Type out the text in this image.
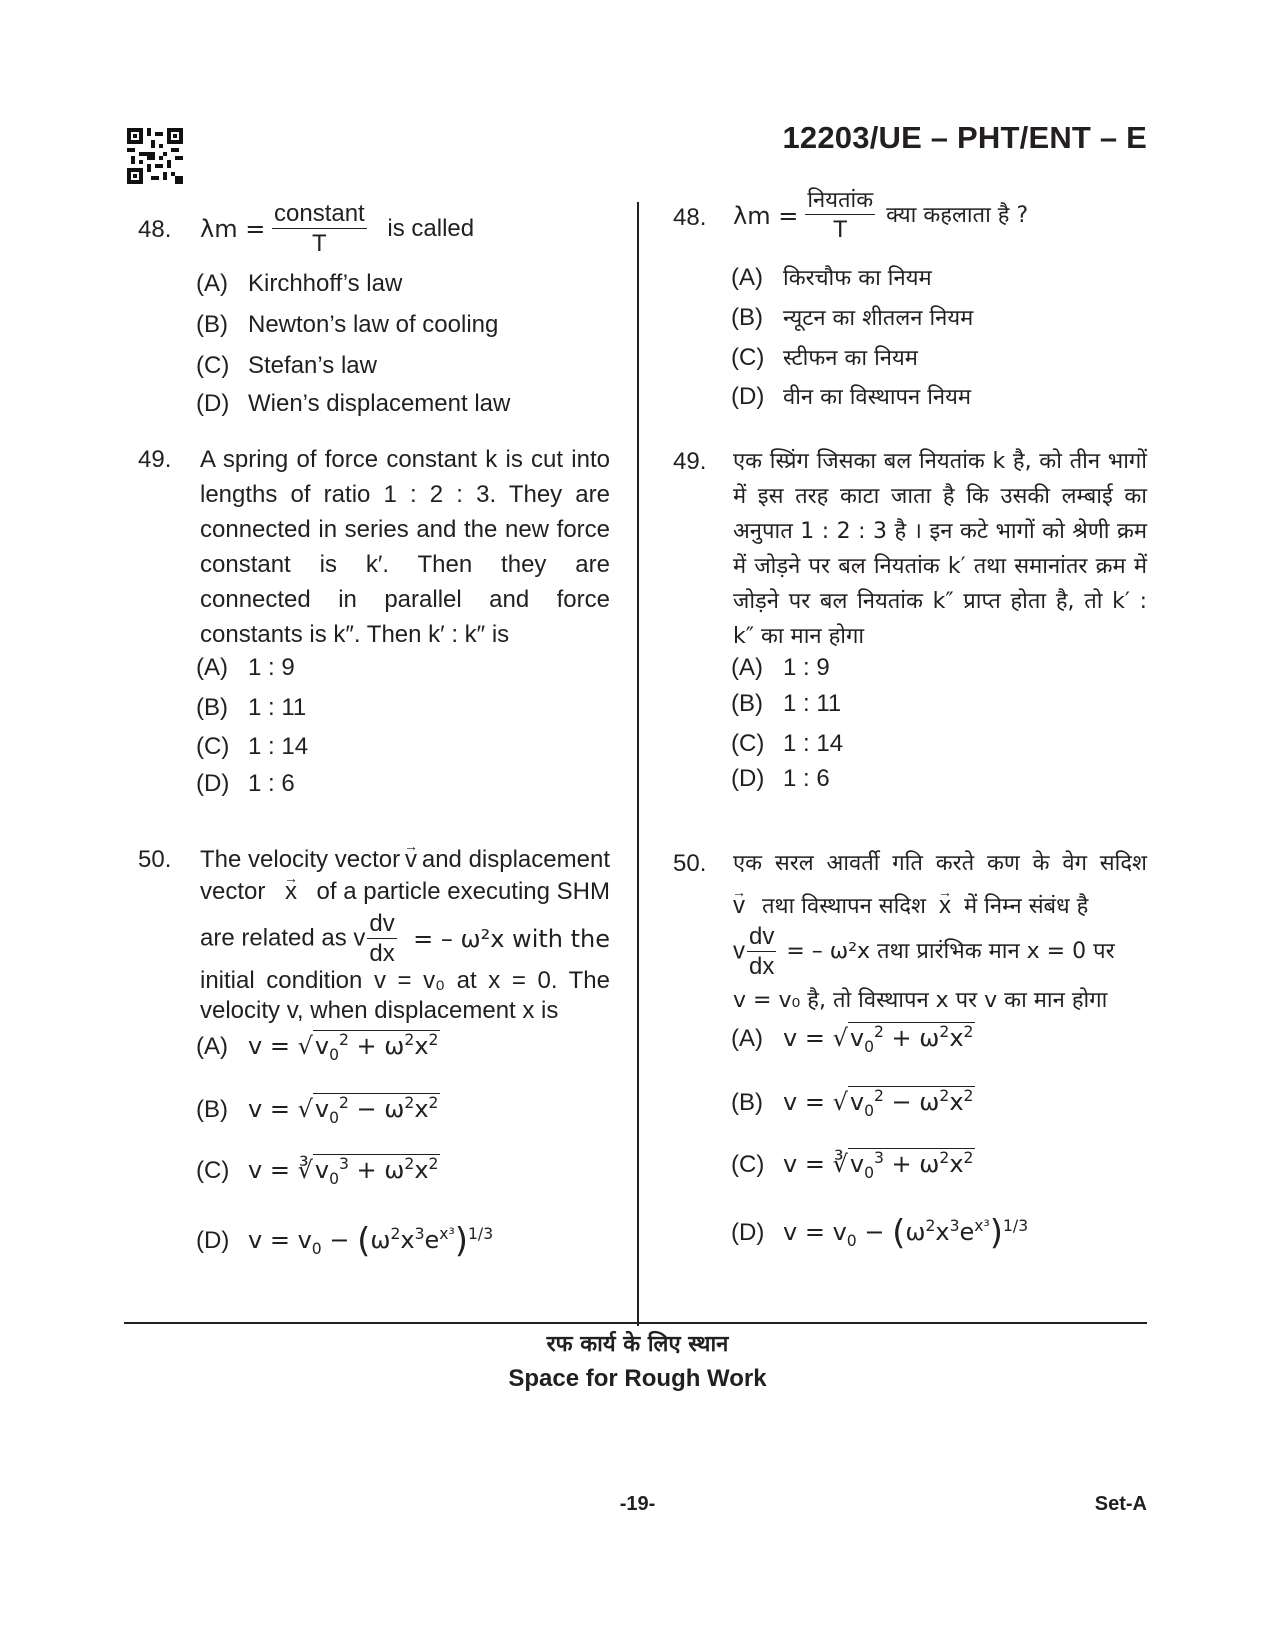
12203/UE – PHT/ENT – E
48. $\lambda m = \frac{\text{constant}}{T}$ is called
(A) Kirchhoff’s law
(B) Newton’s law of cooling
(C) Stefan’s law
(D) Wien’s displacement law
49. A spring of force constant k is cut into lengths of ratio 1 : 2 : 3. They are connected in series and the new force constant is k′. Then they are connected in parallel and force constants is k″. Then k′ : k″ is
(A) 1 : 9
(B) 1 : 11
(C) 1 : 14
(D) 1 : 6
50. The velocity vector → v and displacement
vector → x of a particle executing SHM
are related as v $\frac{dv}{dx}$ = – ω²x with the
initial condition v = v₀ at x = 0. The
velocity v, when displacement x is
(A) $v = √v_0^2 + \omega^2x^2$
(B) $v = √v_0^2 - \omega^2x^2$
(C) $v = ∛v_0^3 + \omega^2x^2$
(D) $v = v_0 - (\omega^2x^3e^{x^3})^{1/3}$
48. $\lambda m = \frac{\text{नियतांक}}{T}$ क्या कहलाता है ?
(A) किरचौफ का नियम
(B) न्यूटन का शीतलन नियम
(C) स्टीफन का नियम
(D) वीन का विस्थापन नियम
49. एक स्प्रिंग जिसका बल नियतांक k है, को तीन भागों में इस तरह काटा जाता है कि उसकी लम्बाई का अनुपात 1 : 2 : 3 है । इन कटे भागों को श्रेणी क्रम में जोड़ने पर बल नियतांक k′ तथा समानांतर क्रम में जोड़ने पर बल नियतांक k″ प्राप्त होता है, तो k′ : k″ का मान होगा
(A) 1 : 9
(B) 1 : 11
(C) 1 : 14
(D) 1 : 6
50. एक सरल आवर्ती गति करते कण के वेग सदिश
→ v तथा विस्थापन सदिश → x में निम्न संबंध है
v $\frac{dv}{dx}$ = – ω²x तथा प्रारंभिक मान x = 0 पर
v = v₀ है, तो विस्थापन x पर v का मान होगा
(A) $v = √v_0^2 + \omega^2x^2$
(B) $v = √v_0^2 - \omega^2x^2$
(C) $v = ∛v_0^3 + \omega^2x^2$
(D) $v = v_0 - (\omega^2x^3e^{x^3})^{1/3}$
रफ कार्य के लिए स्थान
Space for Rough Work
-19-	Set-A
